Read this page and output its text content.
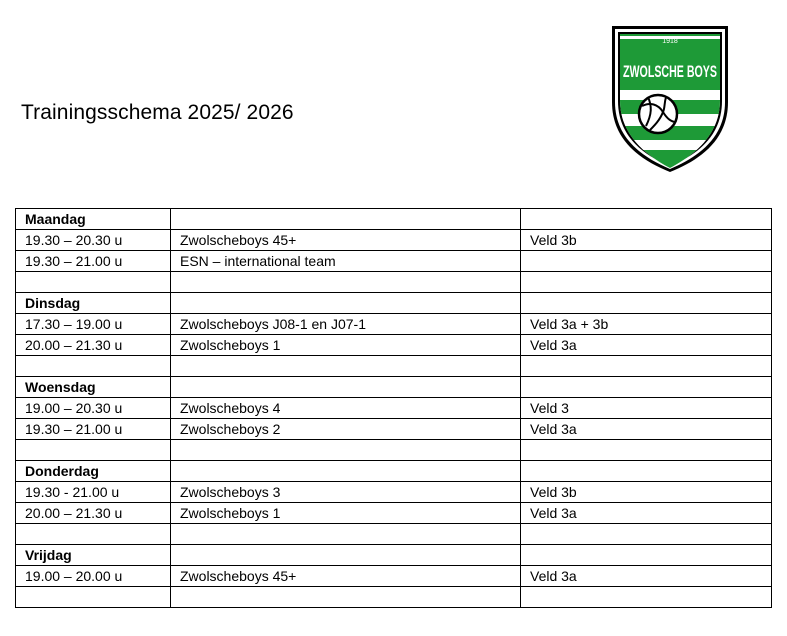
Trainingsschema 2025/ 2026
1918
ZWOLSCHE BOYS
Maandag		
19.30 – 20.30 u	Zwolscheboys 45+	Veld 3b
19.30 – 21.00 u	ESN – international team	

Dinsdag		
17.30 – 19.00 u	Zwolscheboys J08-1 en J07-1	Veld 3a + 3b
20.00 – 21.30 u	Zwolscheboys 1	Veld 3a

Woensdag		
19.00 – 20.30 u	Zwolscheboys 4	Veld 3
19.30 – 21.00 u	Zwolscheboys 2	Veld 3a

Donderdag		
19.30 - 21.00 u	Zwolscheboys 3	Veld 3b
20.00 – 21.30 u	Zwolscheboys 1	Veld 3a

Vrijdag		
19.00 – 20.00 u	Zwolscheboys 45+	Veld 3a
